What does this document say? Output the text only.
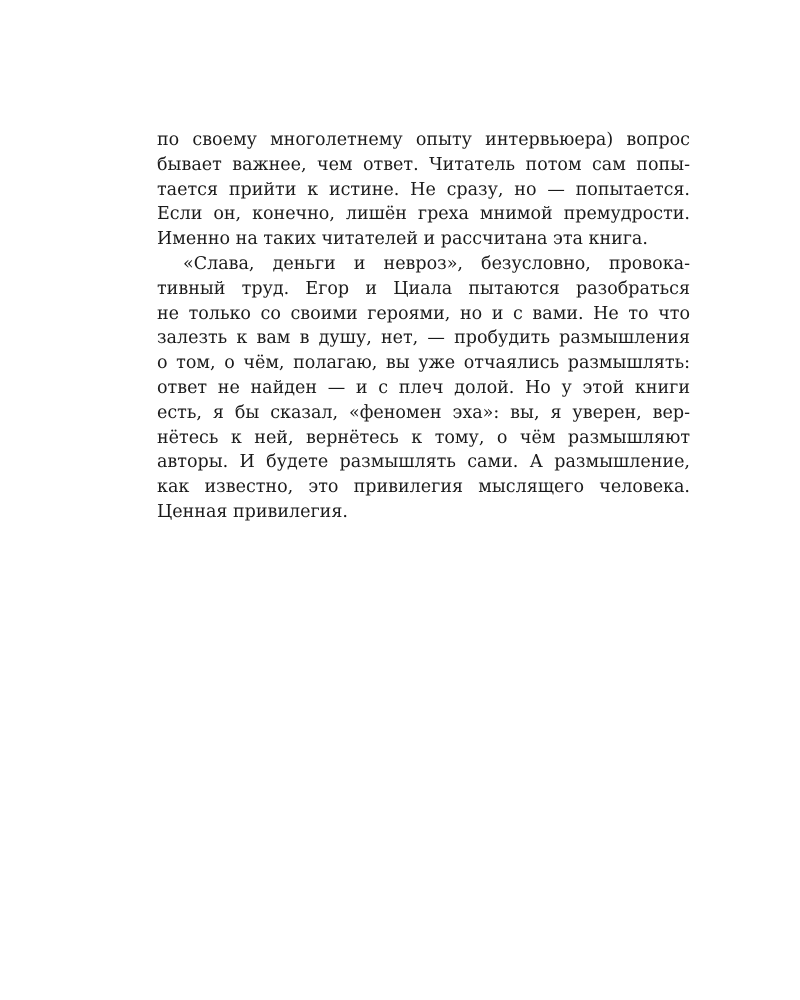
по своему многолетнему опыту интервьюера) вопрос
бывает важнее, чем ответ. Читатель потом сам попы-
тается прийти к истине. Не сразу, но — попытается.
Если он, конечно, лишён греха мнимой премудрости.
Именно на таких читателей и рассчитана эта книга.
«Слава, деньги и невроз», безусловно, провока-
тивный труд. Егор и Циала пытаются разобраться
не только со своими героями, но и с вами. Не то что
залезть к вам в душу, нет, — пробудить размышления
о том, о чём, полагаю, вы уже отчаялись размышлять:
ответ не найден — и с плеч долой. Но у этой книги
есть, я бы сказал, «феномен эха»: вы, я уверен, вер-
нётесь к ней, вернётесь к тому, о чём размышляют
авторы. И будете размышлять сами. А размышление,
как известно, это привилегия мыслящего человека.
Ценная привилегия.
